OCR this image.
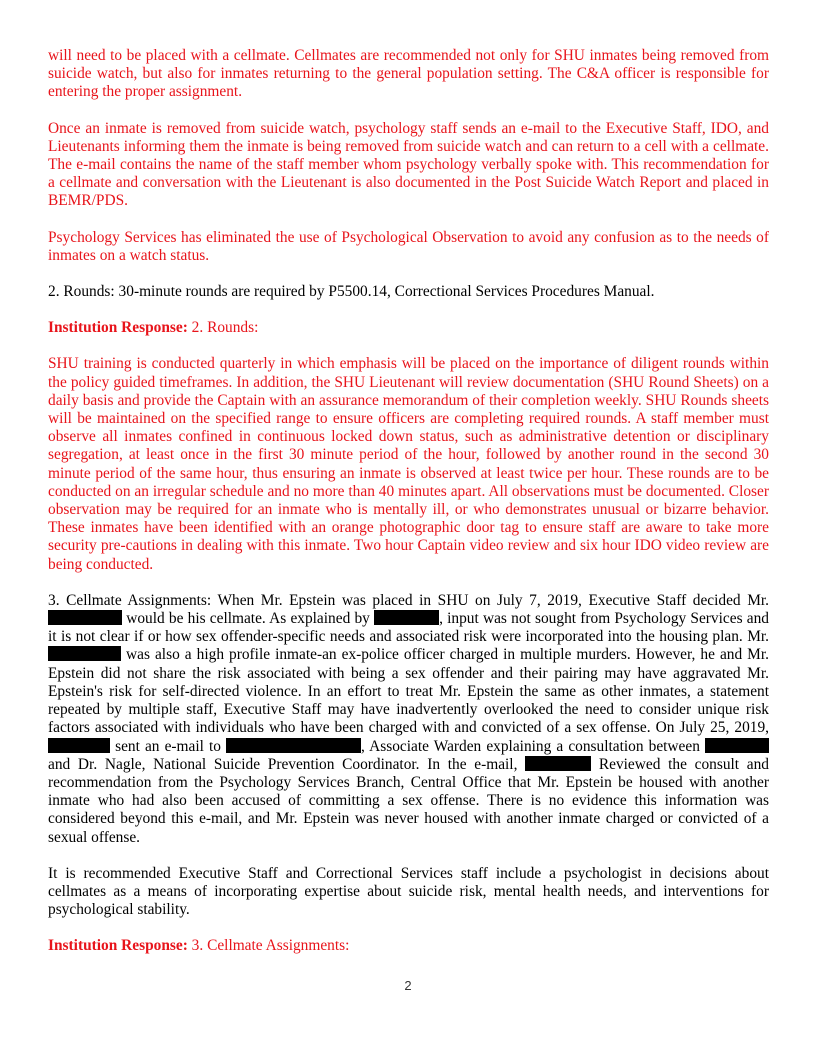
will need to be placed with a cellmate. Cellmates are recommended not only for SHU inmates being removed from suicide watch, but also for inmates returning to the general population setting. The C&A officer is responsible for entering the proper assignment.

Once an inmate is removed from suicide watch, psychology staff sends an e-mail to the Executive Staff, IDO, and Lieutenants informing them the inmate is being removed from suicide watch and can return to a cell with a cellmate. The e-mail contains the name of the staff member whom psychology verbally spoke with. This recommendation for a cellmate and conversation with the Lieutenant is also documented in the Post Suicide Watch Report and placed in BEMR/PDS.

Psychology Services has eliminated the use of Psychological Observation to avoid any confusion as to the needs of inmates on a watch status.

2. Rounds: 30-minute rounds are required by P5500.14, Correctional Services Procedures Manual.

Institution Response: 2. Rounds:

SHU training is conducted quarterly in which emphasis will be placed on the importance of diligent rounds within the policy guided timeframes. In addition, the SHU Lieutenant will review documentation (SHU Round Sheets) on a daily basis and provide the Captain with an assurance memorandum of their completion weekly. SHU Rounds sheets will be maintained on the specified range to ensure officers are completing required rounds. A staff member must observe all inmates confined in continuous locked down status, such as administrative detention or disciplinary segregation, at least once in the first 30 minute period of the hour, followed by another round in the second 30 minute period of the same hour, thus ensuring an inmate is observed at least twice per hour. These rounds are to be conducted on an irregular schedule and no more than 40 minutes apart. All observations must be documented. Closer observation may be required for an inmate who is mentally ill, or who demonstrates unusual or bizarre behavior. These inmates have been identified with an orange photographic door tag to ensure staff are aware to take more security pre-cautions in dealing with this inmate. Two hour Captain video review and six hour IDO video review are being conducted.

3. Cellmate Assignments: When Mr. Epstein was placed in SHU on July 7, 2019, Executive Staff decided Mr.  would be his cellmate. As explained by	, input was not sought from Psychology Services and it is not clear if or how sex offender-specific needs and associated risk were incorporated into the housing plan. Mr.  was also a high profile inmate-an ex-police officer charged in multiple murders. However, he and Mr. Epstein did not share the risk associated with being a sex offender and their pairing may have aggravated Mr. Epstein's risk for self-directed violence. In an effort to treat Mr. Epstein the same as other inmates, a statement repeated by multiple staff, Executive Staff may have inadvertently overlooked the need to consider unique risk factors associated with individuals who have been charged with and convicted of a sex offense. On July 25, 2019,  sent an e-mail to	, Associate Warden explaining a consultation between  and Dr. Nagle, National Suicide Prevention Coordinator. In the e-mail,	Reviewed the consult and recommendation from the Psychology Services Branch, Central Office that Mr. Epstein be housed with another inmate who had also been accused of committing a sex offense. There is no evidence this information was considered beyond this e-mail, and Mr. Epstein was never housed with another inmate charged or convicted of a sexual offense.

It is recommended Executive Staff and Correctional Services staff include a psychologist in decisions about cellmates as a means of incorporating expertise about suicide risk, mental health needs, and interventions for psychological stability.

Institution Response: 3. Cellmate Assignments:

2
